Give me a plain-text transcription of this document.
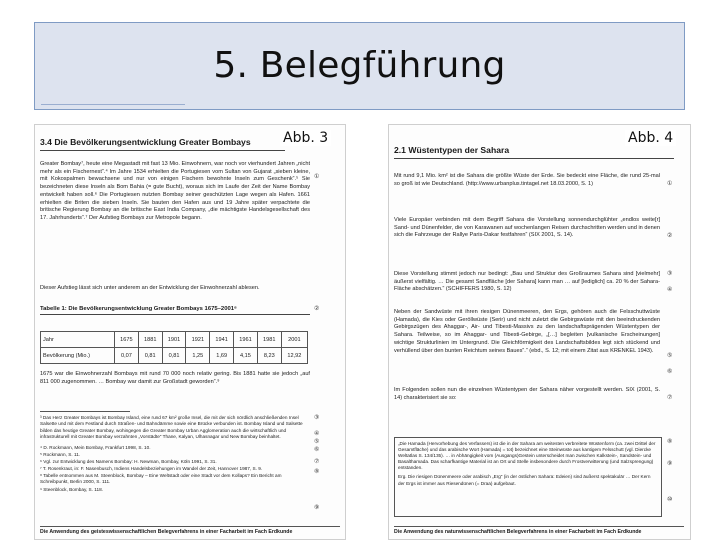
5. Belegführung
3.4 Die Bevölkerungsentwicklung Greater Bombays
Greater Bombay⁷, heute eine Megastadt mit fast 13 Mio. Einwohnern, war noch vor vierhundert Jahren „nicht mehr als ein Fischernest“.⁴ Im Jahre 1534 erhielten die Portugiesen vom Sultan von Gujarat „sieben kleine, mit Kokospalmen bewachsene und nur von einigen Fischern bewohnte Inseln zum Geschenk“.⁵ Sie bezeichneten diese Inseln als Bom Bahia (= gute Bucht), woraus sich im Laufe der Zeit der Name Bombay entwickelt haben soll.⁶ Die Portugiesen nutzten Bombay seiner geschützten Lage wegen als Hafen. 1661 erhielten die Briten die sieben Inseln. Sie bauten den Hafen aus und 19 Jahre später verpachtete die britische Regierung Bombay an die britische East India Company, „die mächtigste Handelsgesellschaft des 17. Jahrhunderts“.⁷ Der Aufstieg Bombays zur Metropole begann.
Dieser Aufstieg lässt sich unter anderem an der Entwicklung der Einwohnerzahl ablesen.
Tabelle 1: Die Bevölkerungsentwicklung Greater Bombays 1675–2001⁸
Jahr	1675	1881	1901	1921	1941	1961	1981	2001
Bevölkerung (Mio.)	0,07	0,81	0,81	1,25	1,69	4,15	8,23	12,92
1675 war die Einwohnerzahl Bombays mit rund 70 000 noch relativ gering. Bis 1881 hatte sie jedoch „auf 811 000 zugenommen. … Bombay war damit zur Großstadt geworden“.⁹
³ Das Herz Greater Bombays ist Bombay Island, eine rund 67 km² große Insel, die mit der sich nördlich anschließenden Insel Salsette und mit dem Festland durch Straßen- und Bahndämme sowie eine Brücke verbunden ist. Bombay Island und Salsette bilden das heutige Greater Bombay, wohingegen die Greater Bombay Urban Agglomeration auch die wirtschaftlich und infrastrukturell mit Greater Bombay verzahnten „Vorstädte“ Thane, Kalyan, Ulhasnagar und New Bombay beinhaltet.
⁴ D. Rockmann, Mein Bombay, Frankfurt 1998, S. 10.
⁵ Rockmann, S. 11.
⁶ Vgl. zur Entwicklung des Namens Bombay: H. Newman, Bombay, Köln 1991, S. 31.
⁷ T. Rosenkraut, in: F. Nasenbusch, Indiens Handelsbeziehungen im Wandel der Zeit, Hannover 1987, S. 9.
⁸ Tabelle entnommen aus M. Steenblock, Bombay – Eine Weltstadt oder eine Stadt vor dem Kollaps? Ein Bericht am Schreibpunkt, Berlin 2000, S. 111.
⁹ Steenblock, Bombay, S. 118.
①
②
③
④
⑤
⑥
⑦
⑧
⑨
Die Anwendung des geisteswissenschaftlichen Belegverfahrens in einer Facharbeit im Fach Erdkunde
2.1 Wüstentypen der Sahara
Mit rund 9,1 Mio. km² ist die Sahara die größte Wüste der Erde. Sie bedeckt eine Fläche, die rund 25-mal so groß ist wie Deutschland. (http://www.urbanplus.tintagel.net 18.03.2000, S. 1)
Viele Europäer verbinden mit dem Begriff Sahara die Vorstellung sonnendurchglühter „endlos weite[r] Sand- und Dünenfelder, die von Karawanen auf wochenlangen Reisen durchschritten werden und in denen sich die Fahrzeuge der Rallye Paris-Dakar festfahren“ (SIX 2001, S. 14).
Diese Vorstellung stimmt jedoch nur bedingt: „Bau und Struktur des Großraumes Sahara sind [vielmehr] äußerst vielfältig. … Die gesamt Sandfläche [der Sahara] kann man … auf [lediglich] ca. 20 % der Sahara-Fläche abschätzen.“ (SCHIFFERS 1980, S. 12)
Neben der Sandwüste mit ihren riesigen Dünenmeeren, den Ergs, gehören auch die Felsschuttwüste (Hamada), die Kies oder Geröllwüste (Serir) und nicht zuletzt die Gebirgswüste mit den beeindruckenden Gebirgszügen des Ahaggar-, Air- und Tibesti-Massivs zu den landschaftsprägenden Wüstentypen der Sahara. Teilweise, so im Ahaggar- und Tibesti-Gebirge, „[…] begleiten [vulkanische Erscheinungen] wichtige Strukturlinien im Untergrund. Die Gleichförmigkeit des Landschaftsbildes legt sich stückend und verhüllend über den bunten Reichtum seines Baues“.“ (ebd., S. 12; mit einem Zitat aus KRENKEL 1943).
Im Folgenden sollen nun die einzelnen Wüstentypen der Sahara näher vorgestellt werden. SIX (2001, S. 14) charakterisiert sie so:
„Die Hamada (Hervorhebung des Verfassers) ist die in der Sahara am weitesten verbreitete Wüstenform (ca. zwei Drittel der Gesamtfläche) und das arabische Wort (Hamada) = tot) bezeichnet eine Steinwüste aus kantigem Felsschutt (vgl. Diercke Weltatlas S. 134/135). … in Abhängigkeit vom (Ausgangs)Gestein unterscheidet man zwischen Kalkstein-, Sandstein- und Basalthamada. Das scharfkantige Material ist an Ort und Stelle insbesondere durch Frostverwitterung (und Salzsprengung) entstanden.
Erg. Die riesigen Dünenmeere oder arabisch „Erg“ (in der östlichen Sahara: Edeien) sind äußerst spektakulär … Der Kern der Ergs ist immer aus Riesendünen (= Draa) aufgebaut.
①
②
③
④
⑤
⑥
⑦
⑧
⑨
⑩
Die Anwendung des naturwissenschaftlichen Belegverfahrens in einer Facharbeit im Fach Erdkunde
Abb. 3	Abb. 4
